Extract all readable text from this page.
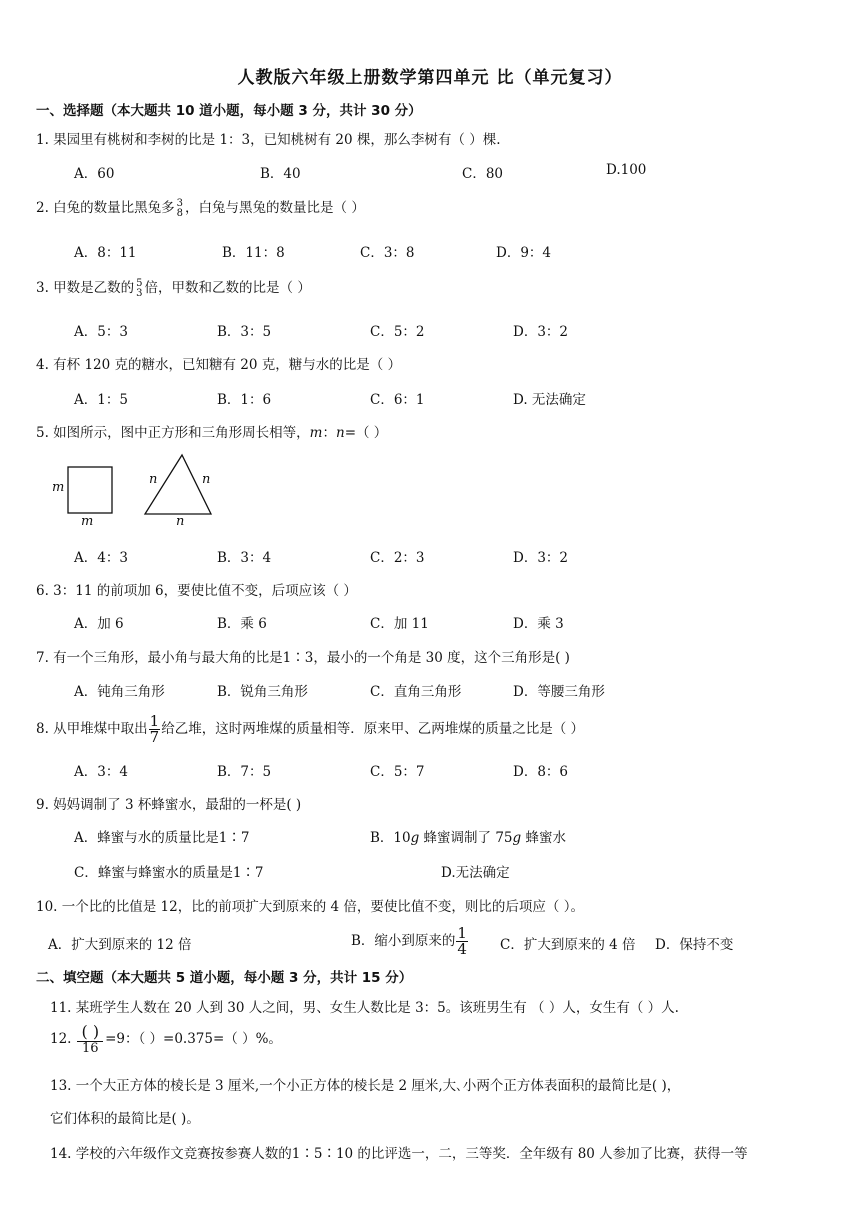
人教版六年级上册数学第四单元 比（单元复习）
一、选择题（本大题共 10 道小题，每小题 3 分，共计 30 分）
1. 果园里有桃树和李树的比是 1：3，已知桃树有 20 棵，那么李树有（ ）棵.
A．60	B．40	C．80	D.100
2. 白兔的数量比黑兔多 3
8 ，白兔与黑兔的数量比是（ ）
A．8：11	B．11：8	C．3：8	D．9：4
3. 甲数是乙数的 5
3 倍，甲数和乙数的比是（ ）
A．5：3	B．3：5	C．5：2	D．3：2
4. 有杯 120 克的糖水，已知糖有 20 克，糖与水的比是（ ）
A．1：5	B．1：6	C．6：1	D. 无法确定
5. 如图所示，图中正方形和三角形周长相等，m：n=（ ）
m
m
n	n
n
A．4：3	B．3：4	C．2：3	D．3：2
6. 3：11 的前项加 6，要使比值不变，后项应该（ ）
A．加 6	B．乘 6	C．加 11	D．乘 3
7. 有一个三角形，最小角与最大角的比是1∶3，最小的一个角是 30 度，这个三角形是( )
A．钝角三角形	B．锐角三角形	C．直角三角形	D．等腰三角形
8. 从甲堆煤中取出 $\frac{1}{7}$ 给乙堆，这时两堆煤的质量相等．原来甲、乙两堆煤的质量之比是（ ）
A．3：4	B．7：5	C．5：7	D．8：6
9. 妈妈调制了 3 杯蜂蜜水，最甜的一杯是( )
A．蜂蜜与水的质量比是1∶7	B．10g 蜂蜜调制了 75g 蜂蜜水
C．蜂蜜与蜂蜜水的质量是1∶7	D.无法确定
10. 一个比的比值是 12，比的前项扩大到原来的 4 倍，要使比值不变，则比的后项应（ ）。
A．扩大到原来的 12 倍	B．缩小到原来的 $\frac{1}{4}$ C．扩大到原来的 4 倍 D．保持不变
二、填空题（本大题共 5 道小题，每小题 3 分，共计 15 分）
11. 某班学生人数在 20 人到 30 人之间，男、女生人数比是 3：5。该班男生有 （ ）人，女生有（ ）人.
12. ( )
16
=9：（ ）=0.375=（ ）%。
13. 一个大正方体的棱长是 3 厘米,一个小正方体的棱长是 2 厘米,大､小两个正方体表面积的最简比是( )，
它们体积的最简比是( )。
14. 学校的六年级作文竞赛按参赛人数的1∶5∶10 的比评选一，二，三等奖．全年级有 80 人参加了比赛，获得一等
